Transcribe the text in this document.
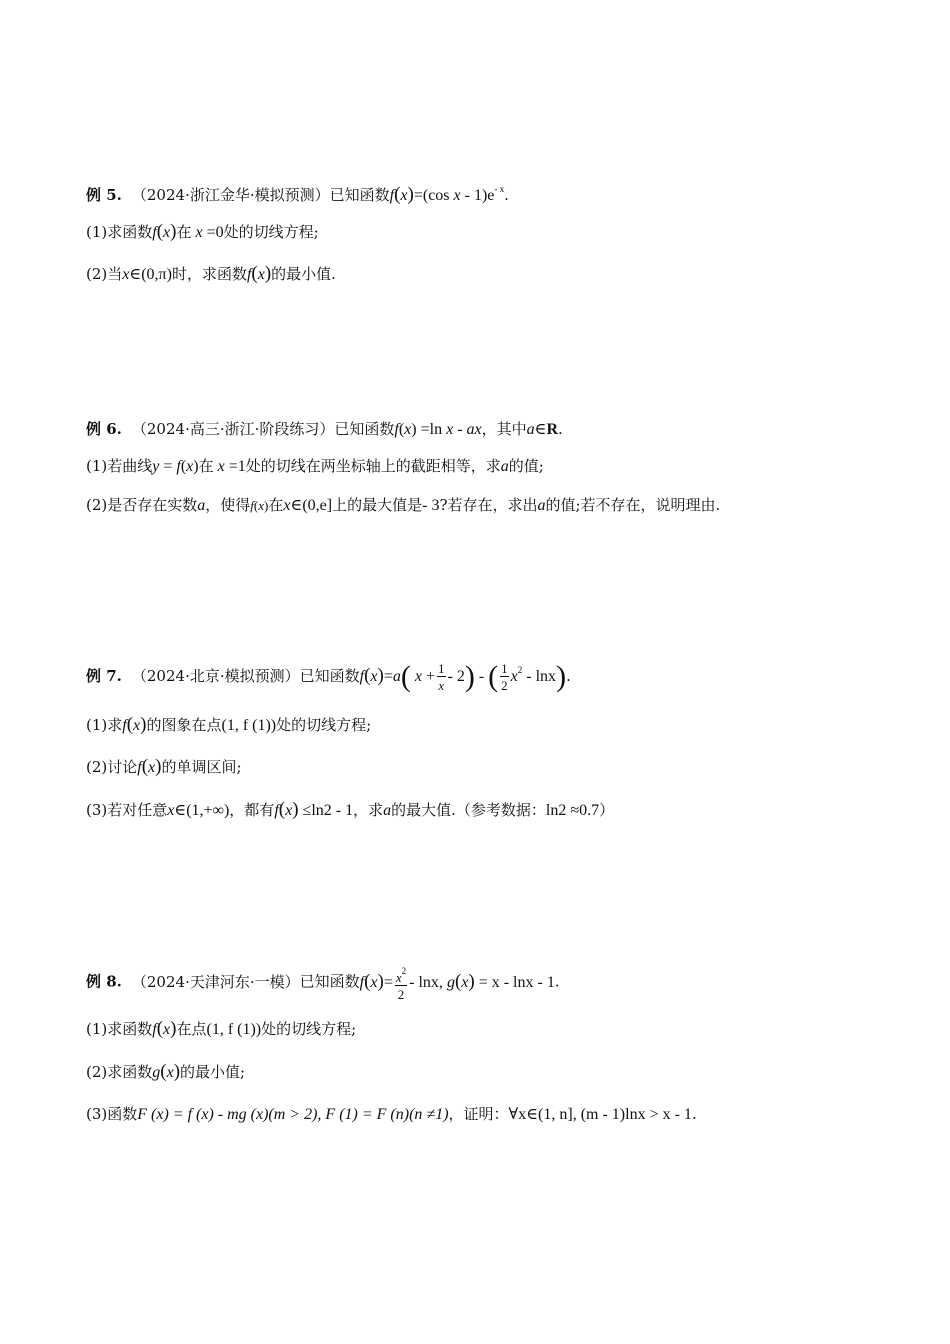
例 5. （2024·浙江金华·模拟预测）已知函数f(x)=(cos x - $1)e^{- x}$.
(1)求函数f(x)在 x =0处的切线方程;
(2)当x∈(0,π)时，求函数f(x)的最小值.
例 6. （2024·高三·浙江·阶段练习）已知函数f(x) =ln x - ax，其中a∈R.
(1)若曲线y = f(x)在 x =1处的切线在两坐标轴上的截距相等，求a的值;
(2)是否存在实数a，使得f(x)在x∈(0,e]上的最大值是- 3?若存在，求出a的值;若不存在，说明理由.
例 7. （2024·北京·模拟预测）已知函数f(x)=a( $x + \frac{1}{x} - 2$) - ( $\frac{1}{2} x^2 - \ln x$).
(1)求f(x)的图象在点(1, f (1))处的切线方程;
(2)讨论f(x)的单调区间;
(3)若对任意x∈(1,+∞)，都有f(x) ≤ln2 - 1，求a的最大值.（参考数据：ln2 ≈0.7）
例 8. （2024·天津河东·一模）已知函数$f(x)= \frac{x^2}{2} - \ln x$, g(x) = x - lnx - 1.
(1)求函数f(x)在点(1, f (1))处的切线方程;
(2)求函数g(x)的最小值;
(3)函数F (x) = f (x) - mg (x)(m > 2), F (1) = F (n)(n ≠1)，证明：∀x∈(1, n], (m - 1)lnx > x - 1.
